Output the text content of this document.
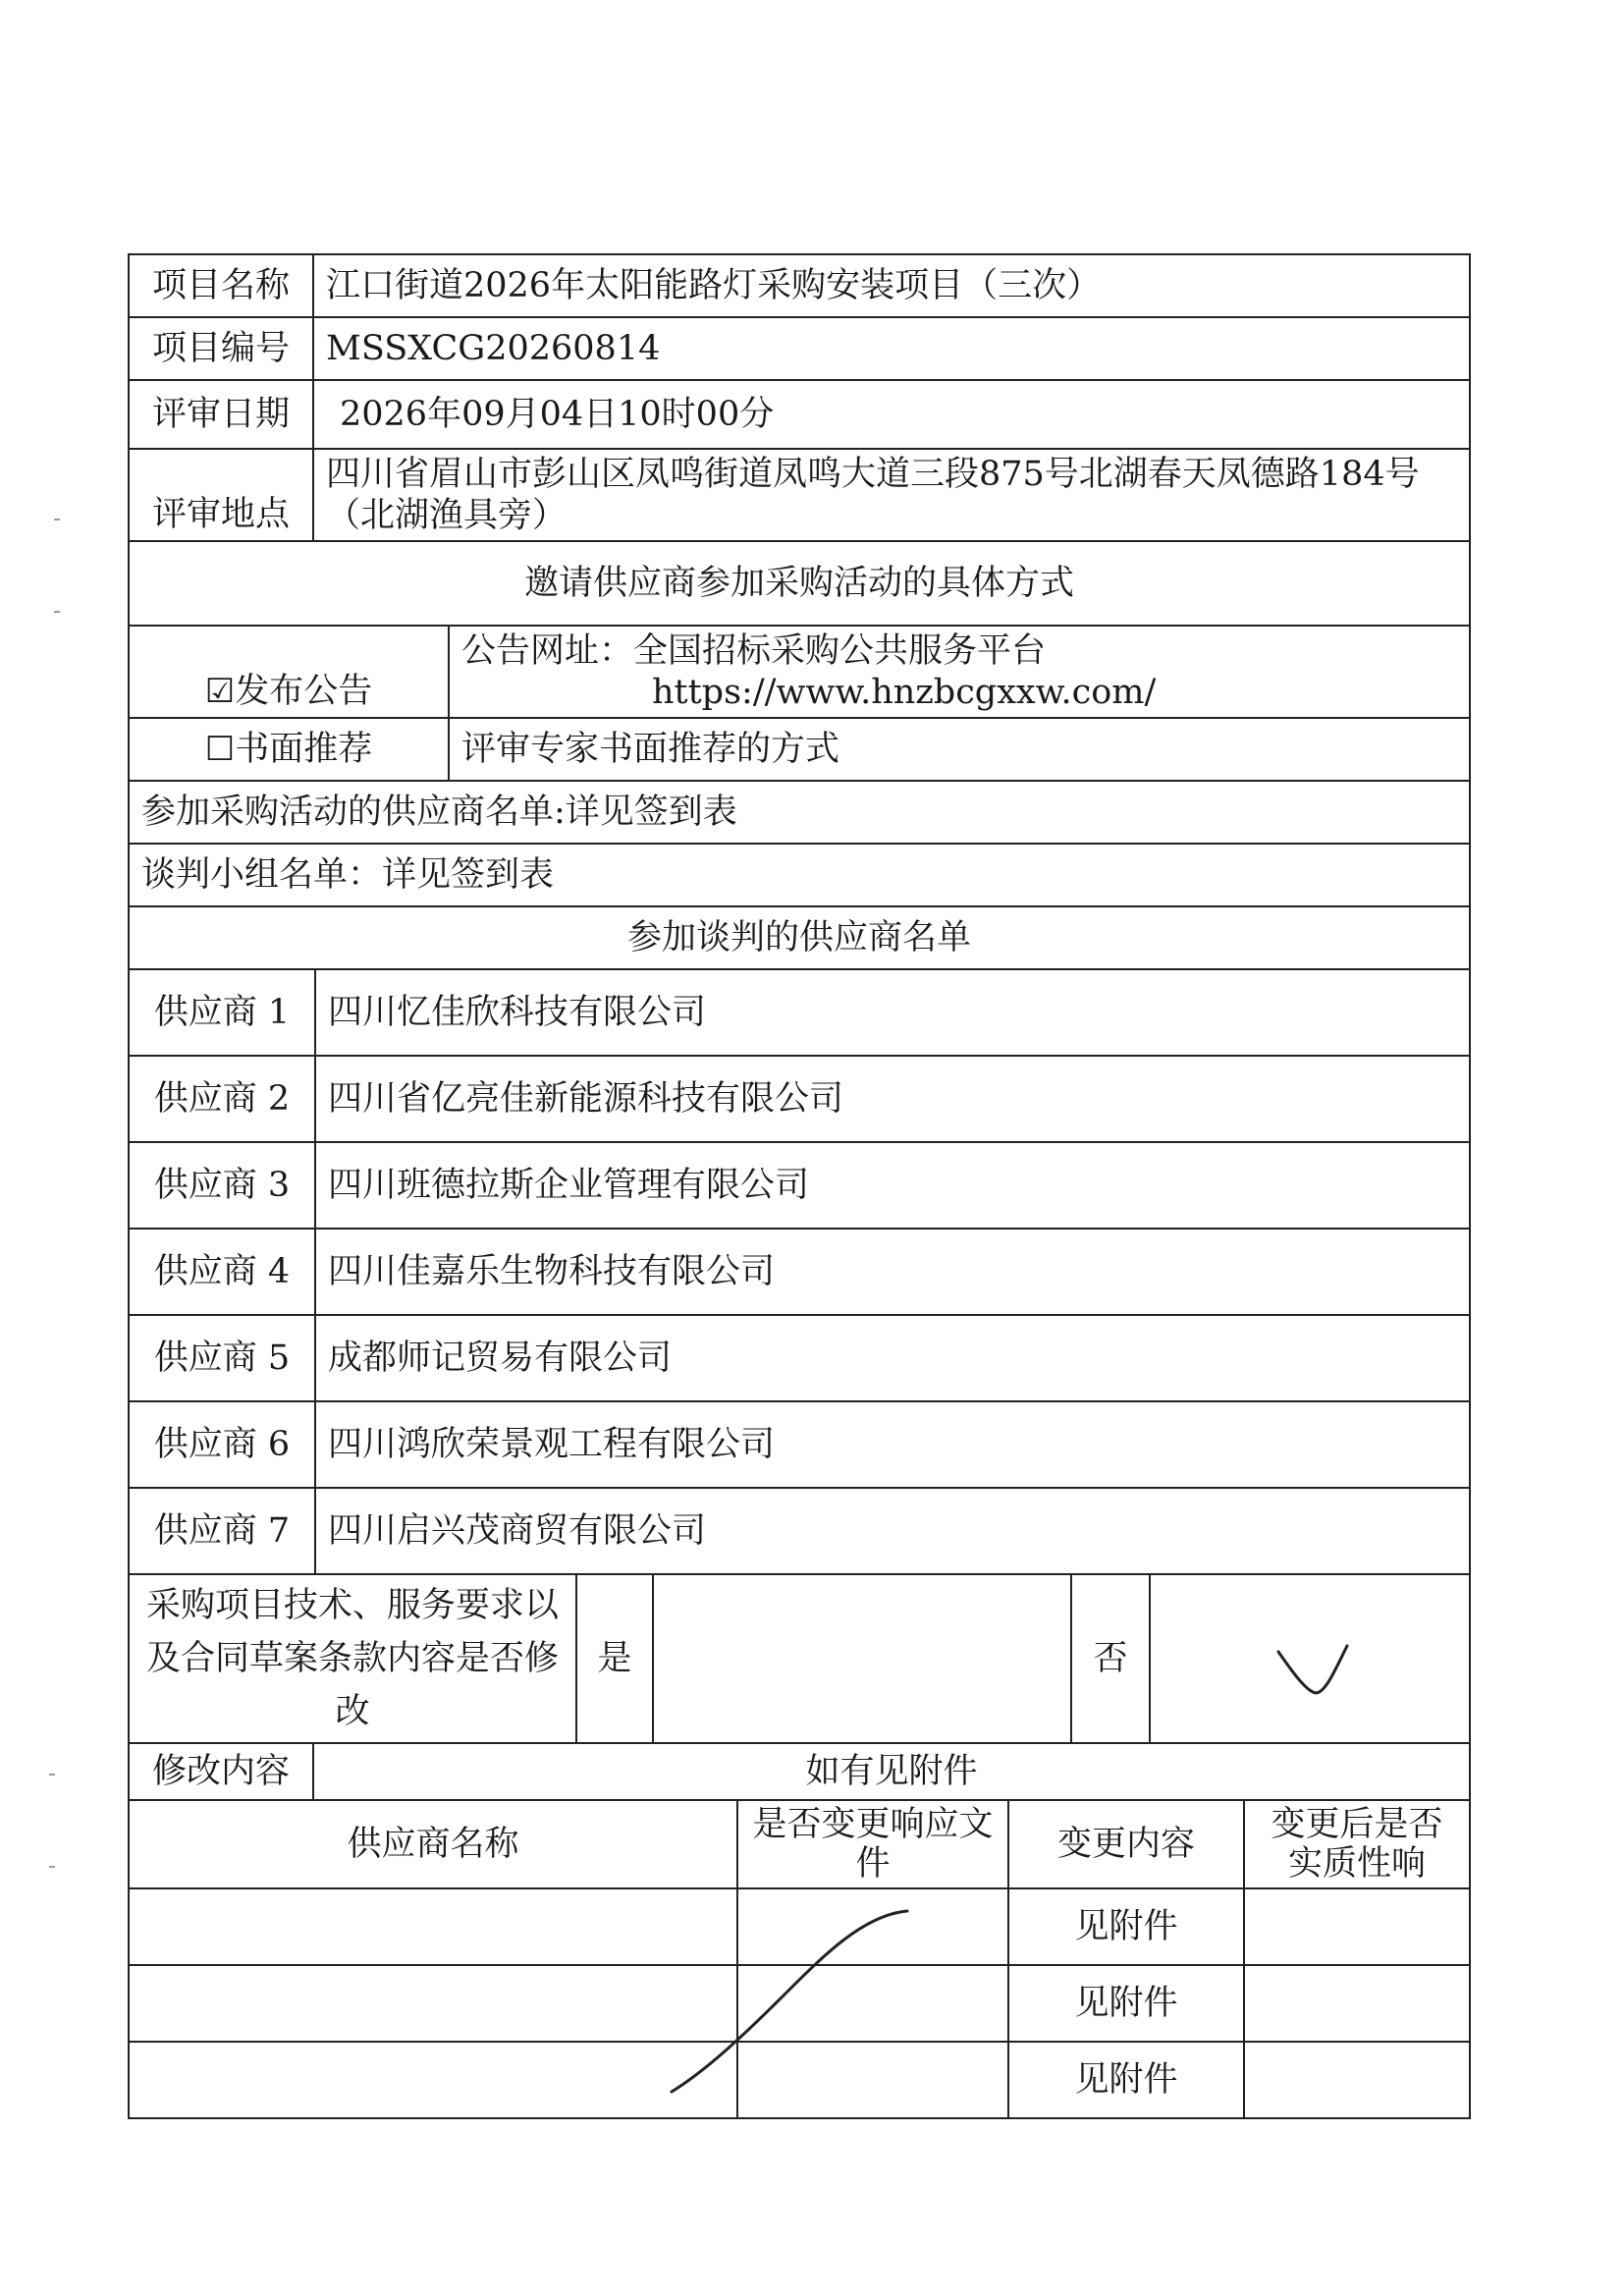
项目名称	江口街道2026年太阳能路灯采购安装项目（三次）
项目编号	MSSXCG20260814
评审日期	2026年09月04日10时00分
评审地点	四川省眉山市彭山区凤鸣街道凤鸣大道三段875号北湖春天凤德路184号 （北湖渔具旁）
邀请供应商参加采购活动的具体方式	
☑发布公告	公告网址：全国招标采购公共服务平台
https://www.hnzbcgxxw.com/

☐书面推荐	评审专家书面推荐的方式
参加采购活动的供应商名单:详见签到表
谈判小组名单：详见签到表
参加谈判的供应商名单
供应商 1	四川忆佳欣科技有限公司
供应商 2	四川省亿亮佳新能源科技有限公司
供应商 3	四川班德拉斯企业管理有限公司
供应商 4	四川佳嘉乐生物科技有限公司
供应商 5	成都师记贸易有限公司
供应商 6	四川鸿欣荣景观工程有限公司
供应商 7	四川启兴茂商贸有限公司
采购项目技术、服务要求以及合同草案条款内容是否修改	是		否	
修改内容	如有见附件
供应商名称	是否变更响应文件	变更内容	变更后是否实质性响
		见附件	
		见附件	
		见附件	
